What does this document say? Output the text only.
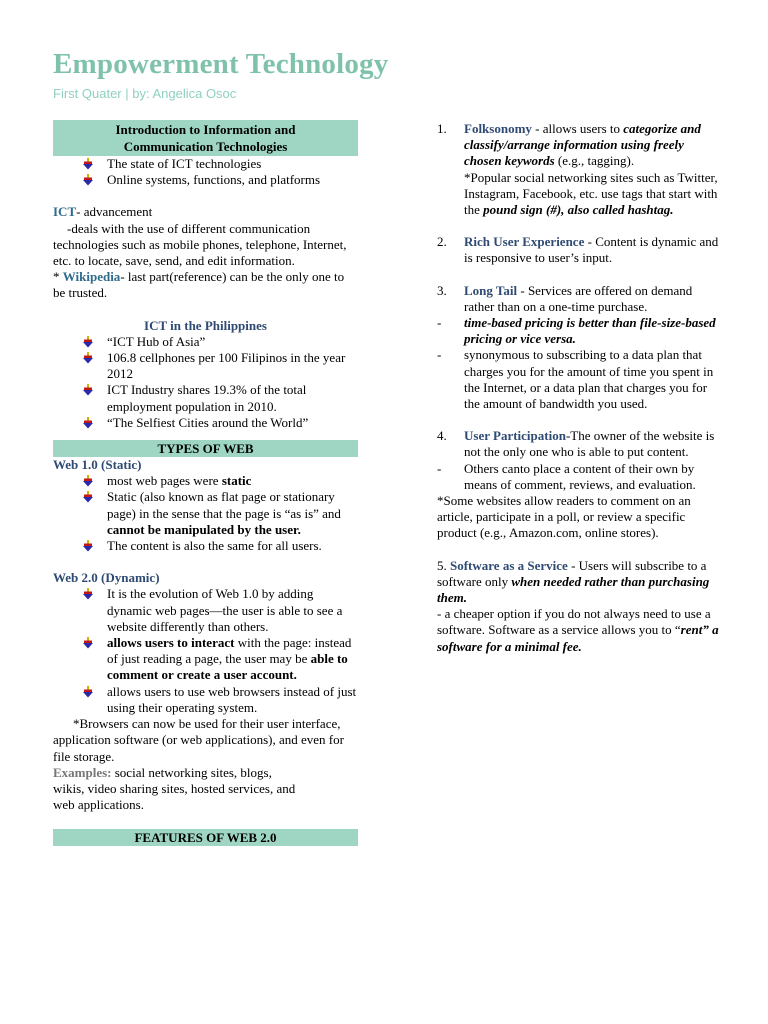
Empowerment Technology
First Quater | by: Angelica Osoc
Introduction to Information and
Communication Technologies
The state of ICT technologies
Online systems, functions, and platforms
ICT- advancement
-deals with the use of different communication technologies such as mobile phones, telephone, Internet, etc. to locate, save, send, and edit information.
* Wikipedia- last part(reference) can be the only one to be trusted.
ICT in the Philippines
“ICT Hub of Asia”
106.8 cellphones per 100 Filipinos in the year 2012
ICT Industry shares 19.3% of the total employment population in 2010.
“The Selfiest Cities around the World”
TYPES OF WEB
Web 1.0 (Static)
most web pages were static
Static (also known as flat page or stationary page) in the sense that the page is “as is” and cannot be manipulated by the user.
The content is also the same for all users.
Web 2.0 (Dynamic)
It is the evolution of Web 1.0 by adding dynamic web pages—the user is able to see a website differently than others.
allows users to interact with the page: instead of just reading a page, the user may be able to comment or create a user account.
allows users to use web browsers instead of just using their operating system.
*Browsers can now be used for their user interface, application software (or web applications), and even for file storage.
Examples: social networking sites, blogs, wikis, video sharing sites, hosted services, and web applications.
FEATURES OF WEB 2.0
1. Folksonomy - allows users to categorize and classify/arrange information using freely chosen keywords (e.g., tagging).
*Popular social networking sites such as Twitter, Instagram, Facebook, etc. use tags that start with the pound sign (#), also called hashtag.
2. Rich User Experience - Content is dynamic and is responsive to user’s input.
3. Long Tail - Services are offered on demand rather than on a one-time purchase.
- time-based pricing is better than file-size-based pricing or vice versa.
- synonymous to subscribing to a data plan that charges you for the amount of time you spent in the Internet, or a data plan that charges you for the amount of bandwidth you used.
4. User Participation-The owner of the website is not the only one who is able to put content.
- Others canto place a content of their own by means of comment, reviews, and evaluation.
*Some websites allow readers to comment on an article, participate in a poll, or review a specific product (e.g., Amazon.com, online stores).
5. Software as a Service - Users will subscribe to a software only when needed rather than purchasing them.
- a cheaper option if you do not always need to use a software. Software as a service allows you to “rent” a software for a minimal fee.
